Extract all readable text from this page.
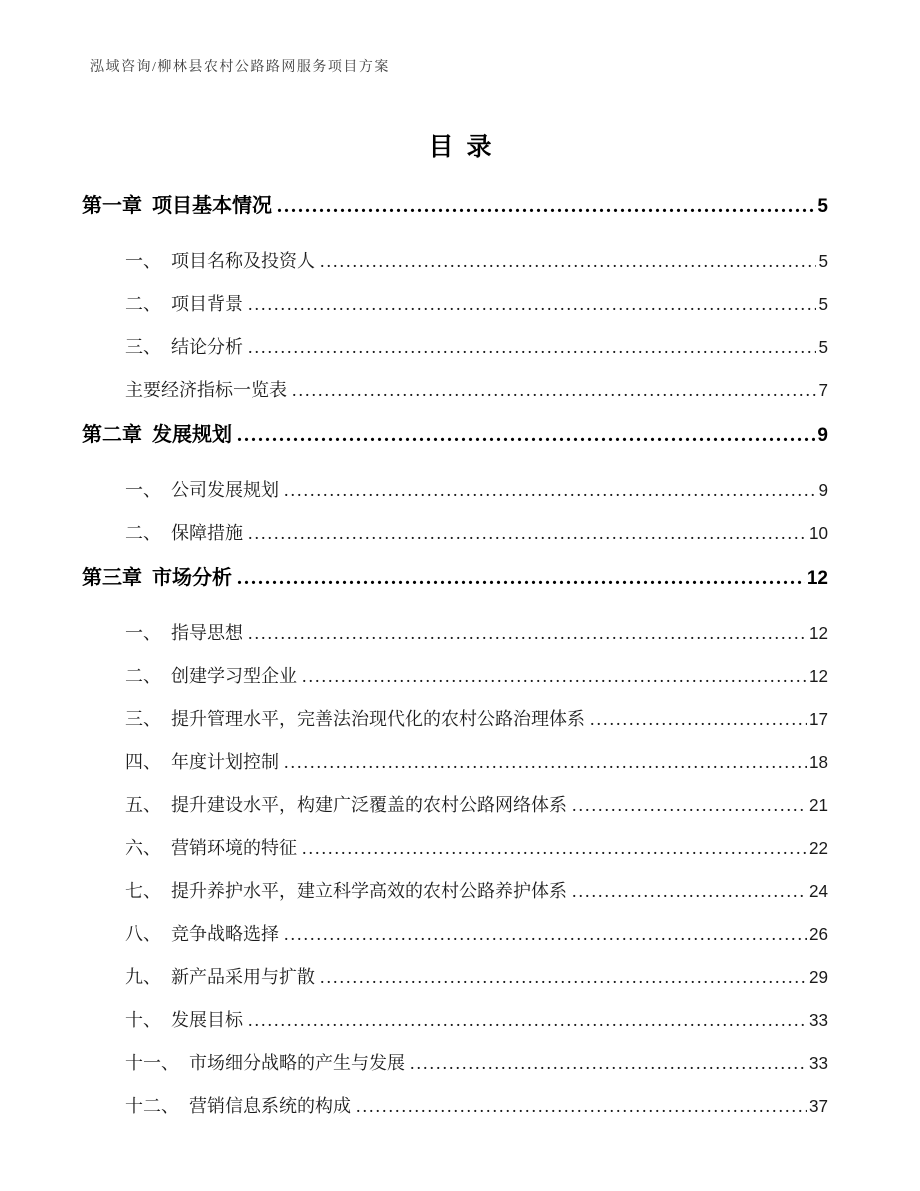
泓域咨询/柳林县农村公路路网服务项目方案
目录
第一章 项目基本情况 .....	5
一、 项目名称及投资人 .....	5
二、 项目背景 .....	5
三、 结论分析 .....	5
主要经济指标一览表 .....	7
第二章 发展规划 .....	9
一、 公司发展规划 .....	9
二、 保障措施 .....	10
第三章 市场分析 .....	12
一、 指导思想 .....	12
二、 创建学习型企业 .....	12
三、 提升管理水平，完善法治现代化的农村公路治理体系 .....	17
四、 年度计划控制 .....	18
五、 提升建设水平，构建广泛覆盖的农村公路网络体系 .....	21
六、 营销环境的特征 .....	22
七、 提升养护水平，建立科学高效的农村公路养护体系 .....	24
八、 竞争战略选择 .....	26
九、 新产品采用与扩散 .....	29
十、 发展目标 .....	33
十一、 市场细分战略的产生与发展 .....	33
十二、 营销信息系统的构成 .....	37
